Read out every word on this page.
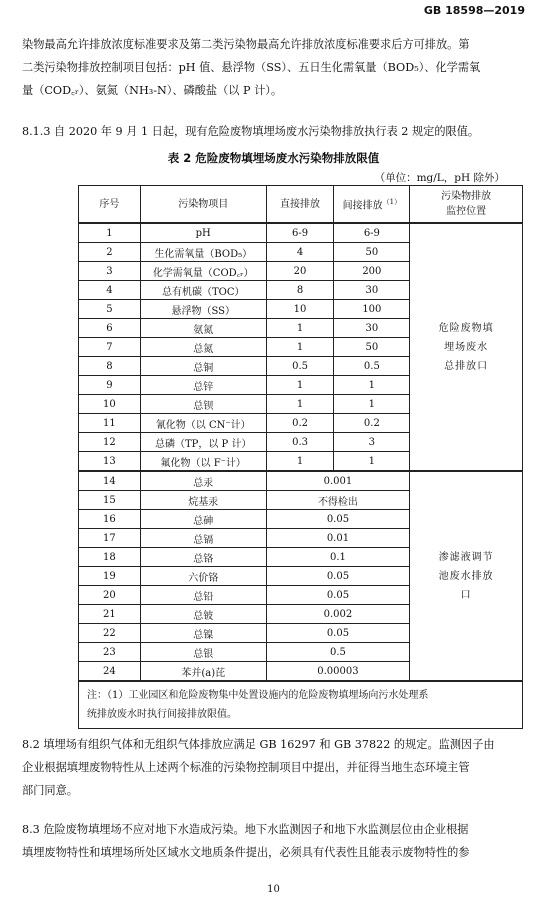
GB 18598—2019
染物最高允许排放浓度标准要求及第二类污染物最高允许排放浓度标准要求后方可排放。第
二类污染物排放控制项目包括：pH 值、悬浮物（SS）、五日生化需氧量（BOD₅）、化学需氧
量（COD꜀ᵣ）、氨氮（NH₃-N）、磷酸盐（以 P 计）。
8.1.3 自 2020 年 9 月 1 日起，现有危险废物填埋场废水污染物排放执行表 2 规定的限值。
表 2 危险废物填埋场废水污染物排放限值
（单位：mg/L，pH 除外）
序号	污染物项目	直接排放	间接排放$^{(1)}$	污染物排放
监控位置

1	pH	6-9	6-9	危险废物填
埋场废水
总排放口

2	生化需氧量（BOD₅）	4	50	
3	化学需氧量（COD꜀ᵣ）	20	200	
4	总有机碳（TOC）	8	30	
5	悬浮物（SS）	10	100	
6	氨氮	1	30	
7	总氮	1	50	
8	总铜	0.5	0.5	
9	总锌	1	1	
10	总钡	1	1	
11	氰化物（以 CN⁻计）	0.2	0.2	
12	总磷（TP，以 P 计）	0.3	3	
13	氟化物（以 F⁻计）	1	1	
14	总汞	0.001		渗滤液调节
池废水排放
口

15	烷基汞	不得检出		
16	总砷	0.05		
17	总镉	0.01		
18	总铬	0.1		
19	六价铬	0.05		
20	总铅	0.05		
21	总铍	0.002		
22	总镍	0.05		
23	总银	0.5		
24	苯并(a)芘	0.00003		

注：（1）工业园区和危险废物集中处置设施内的危险废物填埋场向污水处理系
统排放废水时执行间接排放限值。				
8.2 填埋场有组织气体和无组织气体排放应满足 GB 16297 和 GB 37822 的规定。监测因子由
企业根据填埋废物特性从上述两个标准的污染物控制项目中提出，并征得当地生态环境主管
部门同意。
8.3 危险废物填埋场不应对地下水造成污染。地下水监测因子和地下水监测层位由企业根据
填埋废物特性和填埋场所处区域水文地质条件提出，必须具有代表性且能表示废物特性的参
10
